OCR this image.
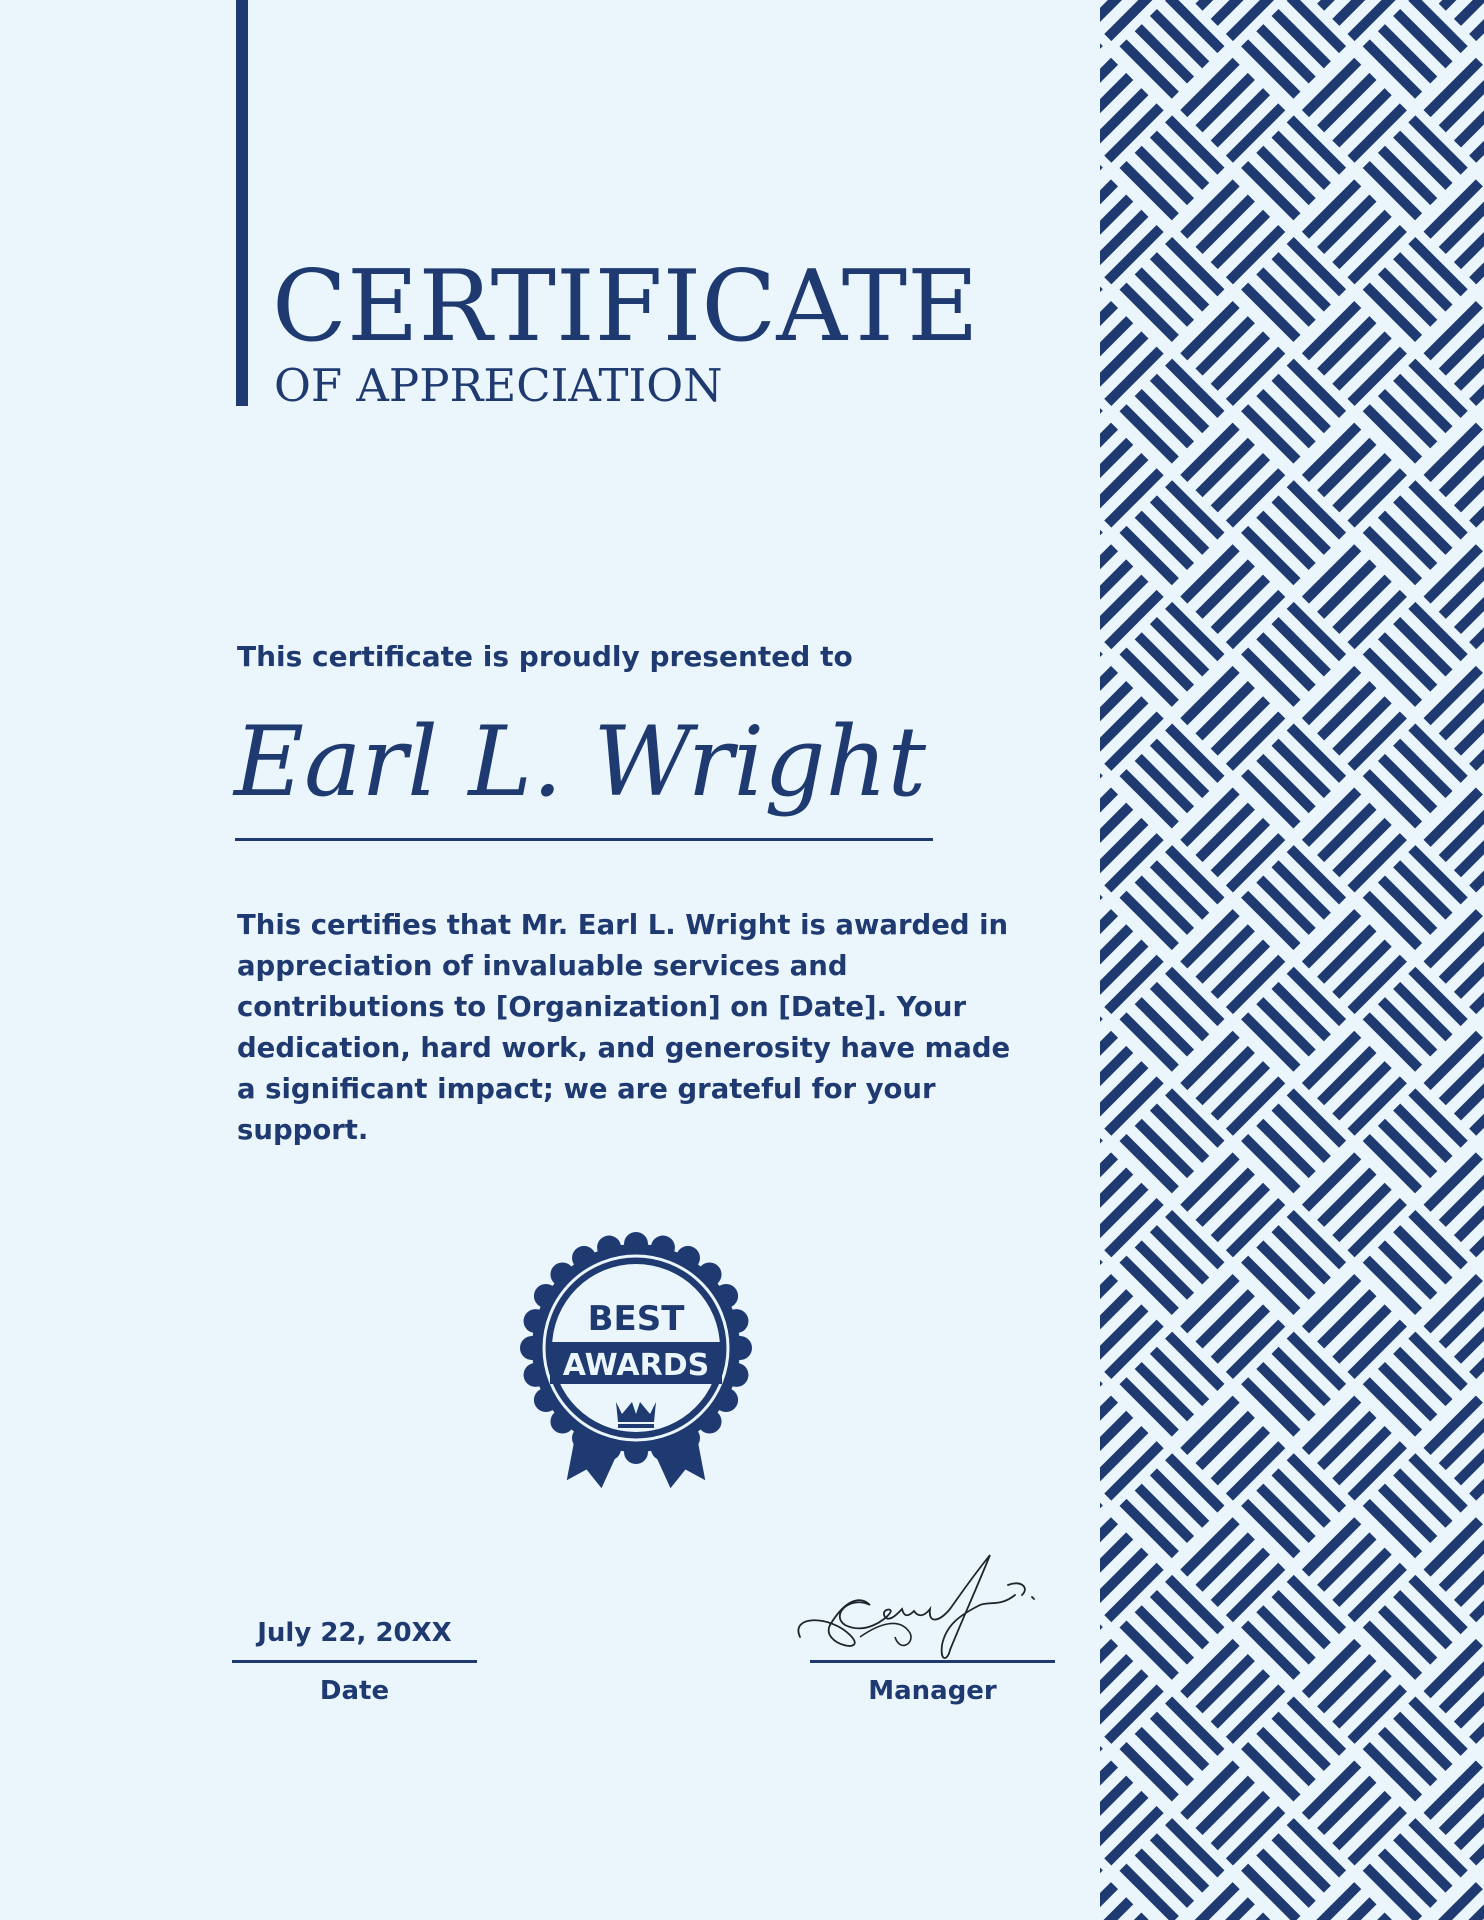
CERTIFICATE
OF APPRECIATION
This certificate is proudly presented to
Earl L. Wright
This certifies that Mr. Earl L. Wright is awarded in appreciation of invaluable services and contributions to [Organization] on [Date]. Your dedication, hard work, and generosity have made a significant impact; we are grateful for your support.
BEST
AWARDS
July 22, 20XX
Date	Manager
